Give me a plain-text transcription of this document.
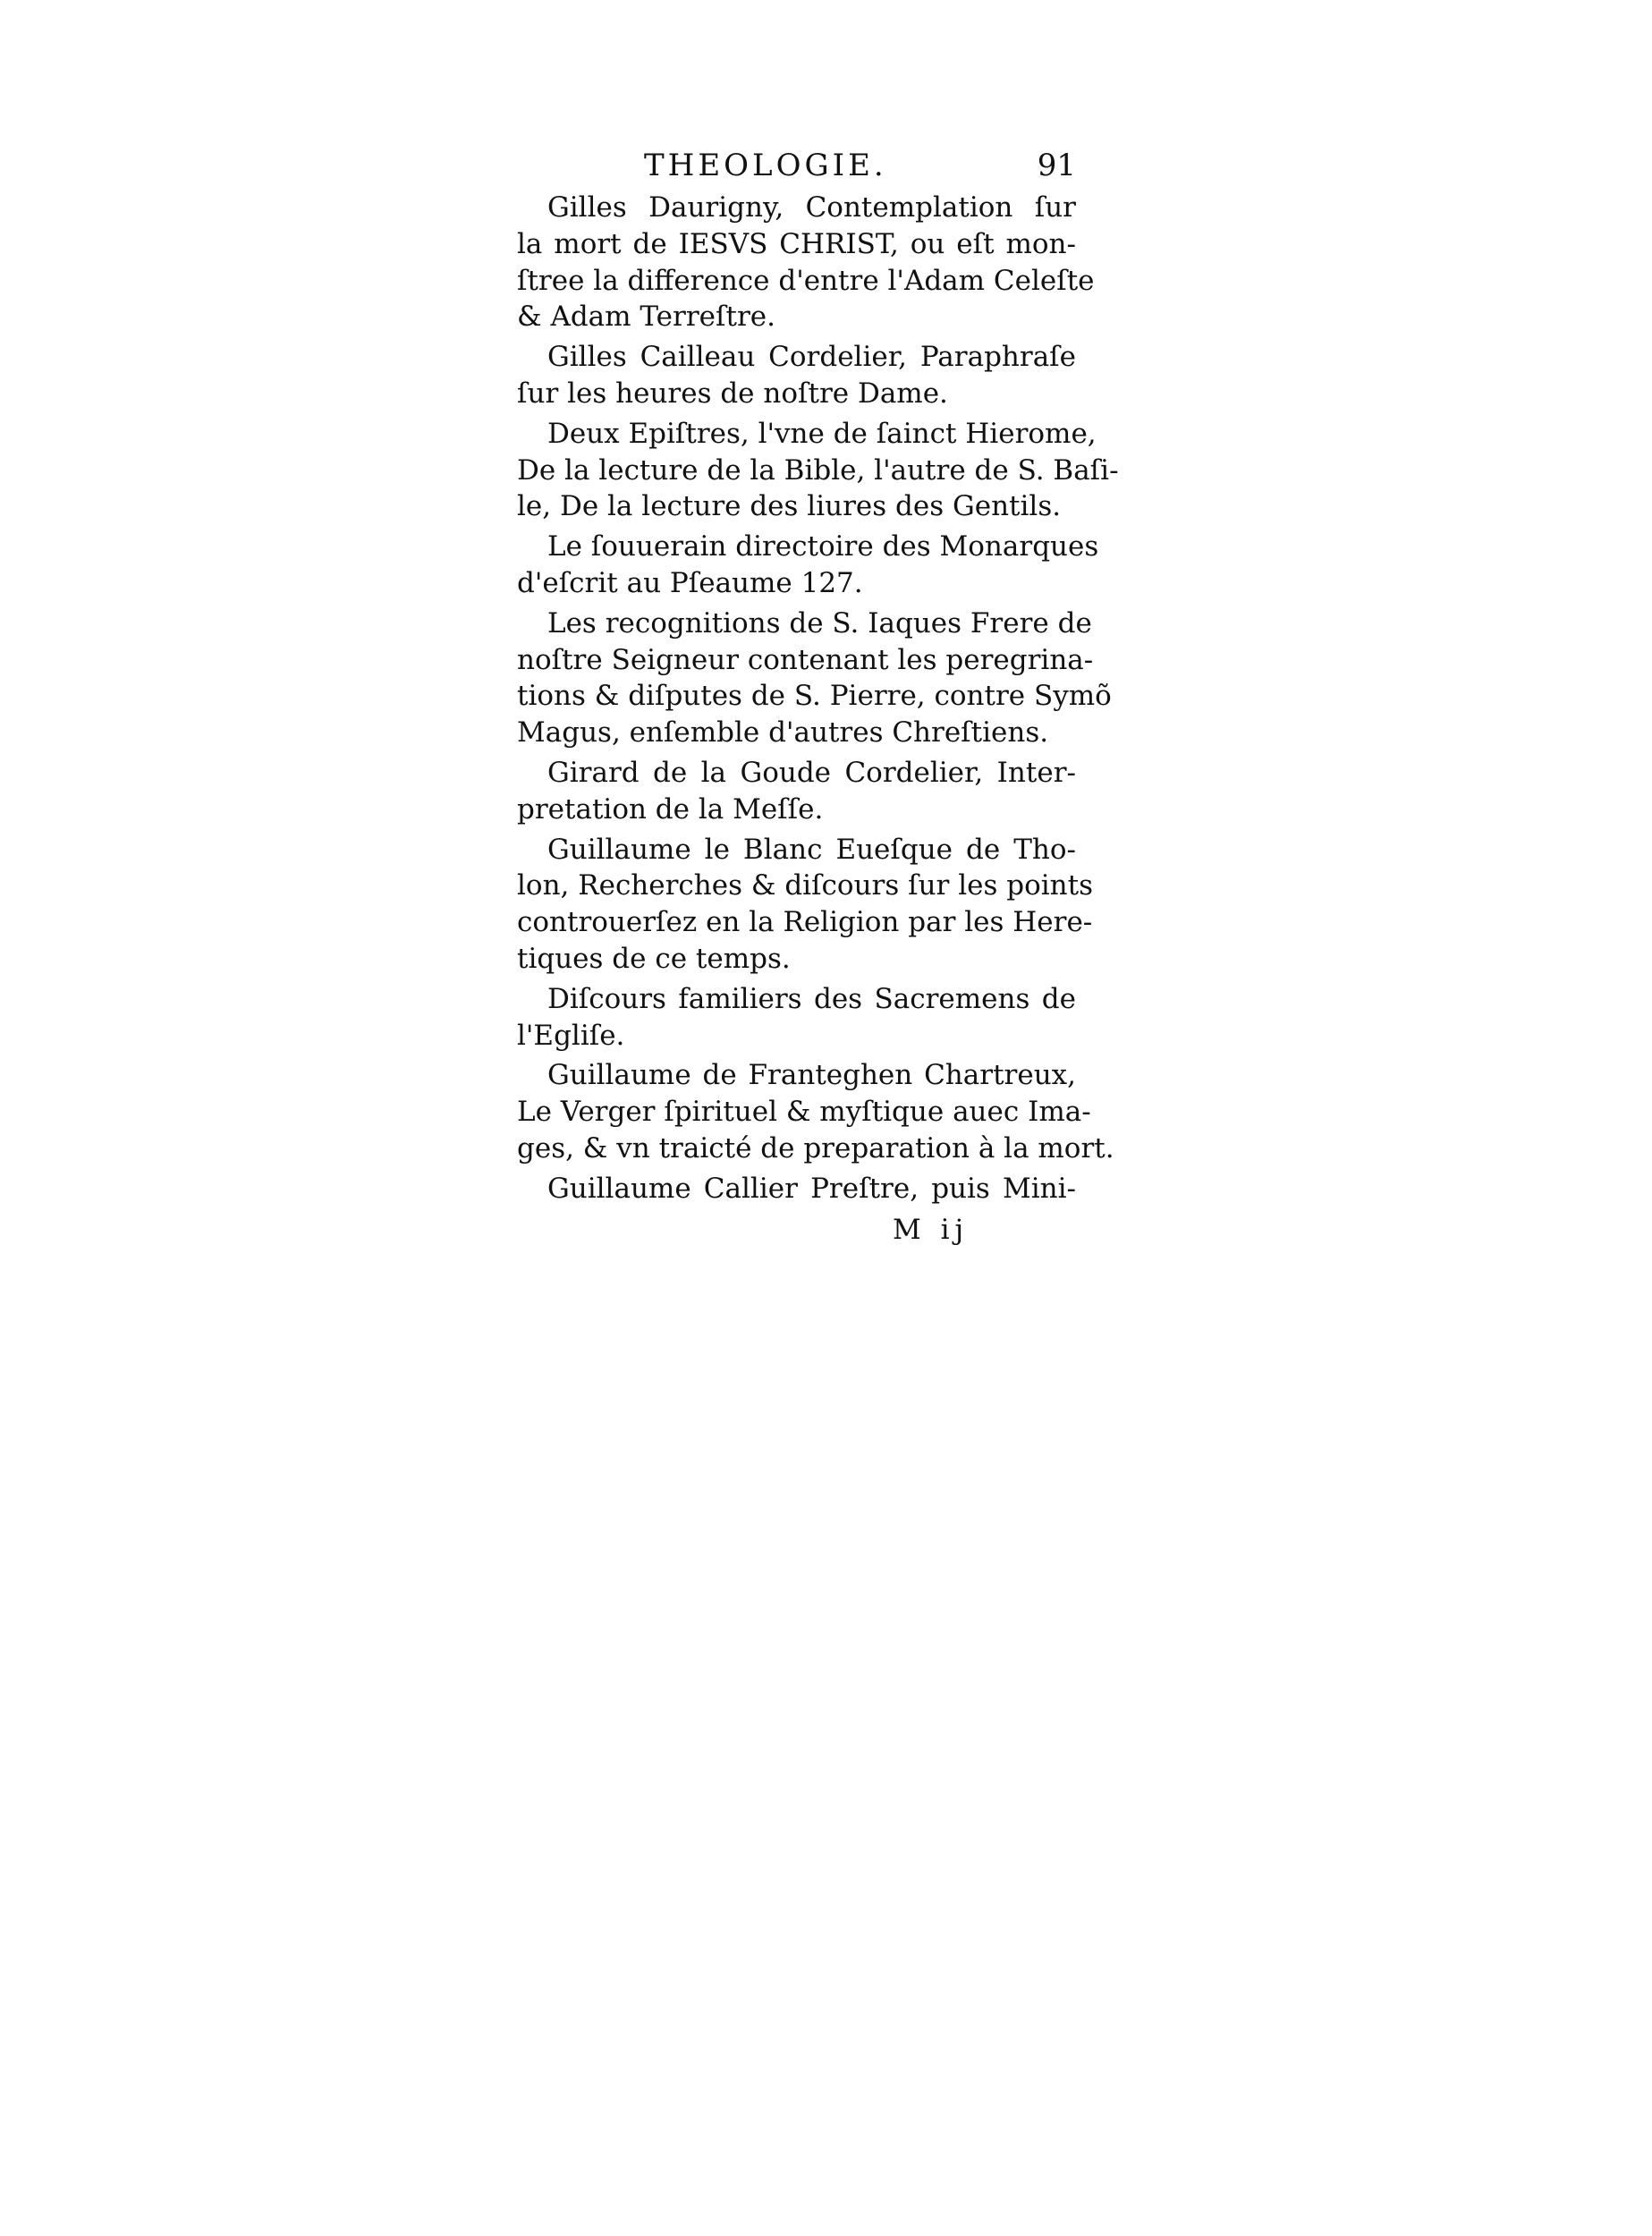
THEOLOGIE.	91
Gilles Daurigny, Contemplation ſur
la mort de IESVS CHRIST, ou eſt mon-
ſtree la difference d'entre l'Adam Celeſte
& Adam Terreſtre.
Gilles Cailleau Cordelier, Paraphraſe
ſur les heures de noſtre Dame.
Deux Epiſtres, l'vne de ſainct Hierome,
De la lecture de la Bible, l'autre de S. Baſi-
le, De la lecture des liures des Gentils.
Le ſouuerain directoire des Monarques
d'eſcrit au Pſeaume 127.
Les recognitions de S. Iaques Frere de
noſtre Seigneur contenant les peregrina-
tions & diſputes de S. Pierre, contre Symõ
Magus, enſemble d'autres Chreſtiens.
Girard de la Goude Cordelier, Inter-
pretation de la Meſſe.
Guillaume le Blanc Eueſque de Tho-
lon, Recherches & diſcours ſur les points
controuerſez en la Religion par les Here-
tiques de ce temps.
Diſcours familiers des Sacremens de
l'Egliſe.
Guillaume de Franteghen Chartreux,
Le Verger ſpirituel & myſtique auec Ima-
ges, & vn traicté de preparation à la mort.
Guillaume Callier Preſtre, puis Mini-
M ij
